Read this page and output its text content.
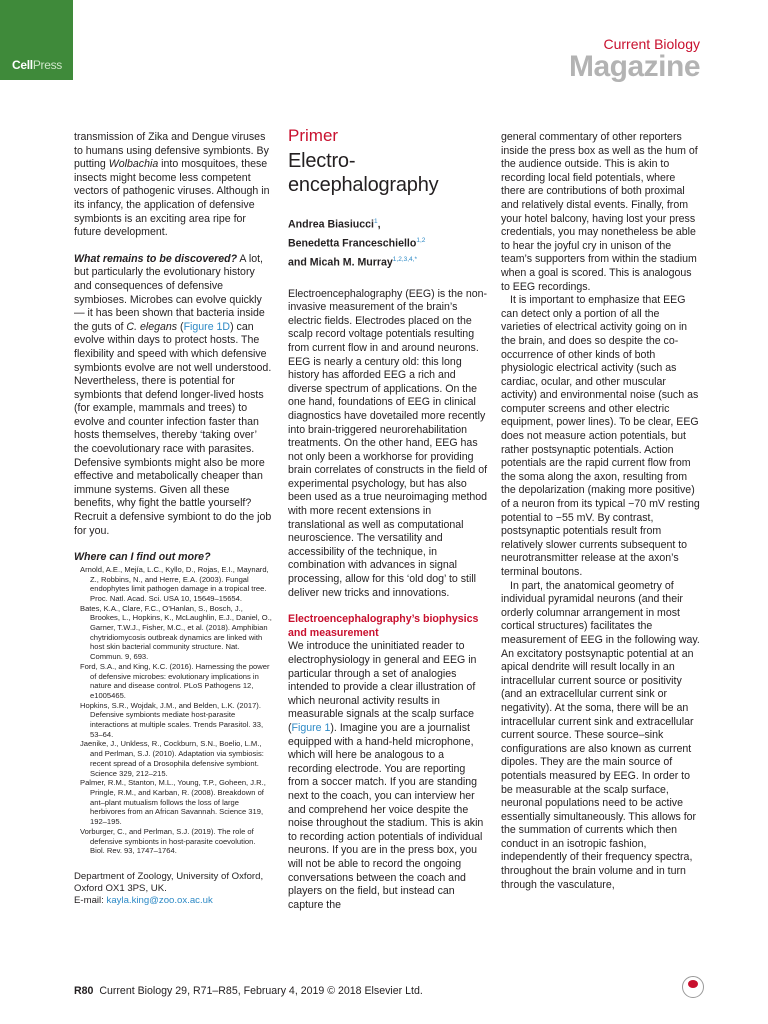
CellPress
Current Biology
Magazine

transmission of Zika and Dengue viruses to humans using defensive symbionts. By putting Wolbachia into mosquitoes, these insects might become less competent vectors of pathogenic viruses. Although in its infancy, the application of defensive symbionts is an exciting area ripe for future development.

What remains to be discovered? A lot, but particularly the evolutionary history and consequences of defensive symbioses. Microbes can evolve quickly — it has been shown that bacteria inside the guts of C. elegans (Figure 1D) can evolve within days to protect hosts. The flexibility and speed with which defensive symbionts evolve are not well understood. Nevertheless, there is potential for symbionts that defend longer-lived hosts (for example, mammals and trees) to evolve and counter infection faster than hosts themselves, thereby ‘taking over’ the coevolutionary race with parasites. Defensive symbionts might also be more effective and metabolically cheaper than immune systems. Given all these benefits, why fight the battle yourself? Recruit a defensive symbiont to do the job for you.

Where can I find out more?
Arnold, A.E., Mejía, L.C., Kyllo, D., Rojas, E.I., Maynard, Z., Robbins, N., and Herre, E.A. (2003). Fungal endophytes limit pathogen damage in a tropical tree. Proc. Natl. Acad. Sci. USA 10, 15649–15654.
Bates, K.A., Clare, F.C., O’Hanlan, S., Bosch, J., Brookes, L., Hopkins, K., McLaughlin, E.J., Daniel, O., Garner, T.W.J., Fisher, M.C., et al. (2018). Amphibian chytridiomycosis outbreak dynamics are linked with host skin bacterial community structure. Nat. Commun. 9, 693.
Ford, S.A., and King, K.C. (2016). Harnessing the power of defensive microbes: evolutionary implications in nature and disease control. PLoS Pathogens 12, e1005465.
Hopkins, S.R., Wojdak, J.M., and Belden, L.K. (2017). Defensive symbionts mediate host-parasite interactions at multiple scales. Trends Parasitol. 33, 53–64.
Jaenike, J., Unkless, R., Cockburn, S.N., Boelio, L.M., and Perlman, S.J. (2010). Adaptation via symbiosis: recent spread of a Drosophila defensive symbiont. Science 329, 212–215.
Palmer, R.M., Stanton, M.L., Young, T.P., Goheen, J.R., Pringle, R.M., and Karban, R. (2008). Breakdown of ant–plant mutualism follows the loss of large herbivores from an African Savannah. Science 319, 192–195.
Vorburger, C., and Perlman, S.J. (2019). The role of defensive symbionts in host-parasite coevolution. Biol. Rev. 93, 1747–1764.
Department of Zoology, University of Oxford, Oxford OX1 3PS, UK.
E-mail: kayla.king@zoo.ox.ac.uk
Primer
Electro-encephalography
Andrea Biasiucci$^1$,
Benedetta Franceschiello$^{1,2}$
and Micah M. Murray$^{1,2,3,4,*}$

Electroencephalography (EEG) is the non-invasive measurement of the brain’s electric fields. Electrodes placed on the scalp record voltage potentials resulting from current flow in and around neurons. EEG is nearly a century old: this long history has afforded EEG a rich and diverse spectrum of applications. On the one hand, foundations of EEG in clinical diagnostics have dovetailed more recently into brain-triggered neurorehabilitation treatments. On the other hand, EEG has not only been a workhorse for providing brain correlates of constructs in the field of experimental psychology, but has also been used as a true neuroimaging method with more recent extensions in translational as well as computational neuroscience. The versatility and accessibility of the technique, in combination with advances in signal processing, allow for this ‘old dog’ to still deliver new tricks and innovations.

Electroencephalography’s biophysics and measurement

We introduce the uninitiated reader to electrophysiology in general and EEG in particular through a set of analogies intended to provide a clear illustration of which neuronal activity results in measurable signals at the scalp surface (Figure 1). Imagine you are a journalist equipped with a hand-held microphone, which will here be analogous to a recording electrode. You are reporting from a soccer match. If you are standing next to the coach, you can interview her and comprehend her voice despite the noise throughout the stadium. This is akin to recording action potentials of individual neurons. If you are in the press box, you will not be able to record the ongoing conversations between the coach and players on the field, but instead can capture the

general commentary of other reporters inside the press box as well as the hum of the audience outside. This is akin to recording local field potentials, where there are contributions of both proximal and relatively distal events. Finally, from your hotel balcony, having lost your press credentials, you may nonetheless be able to hear the joyful cry in unison of the team’s supporters from within the stadium when a goal is scored. This is analogous to EEG recordings.

It is important to emphasize that EEG can detect only a portion of all the varieties of electrical activity going on in the brain, and does so despite the co-occurrence of other kinds of both physiologic electrical activity (such as cardiac, ocular, and other muscular activity) and environmental noise (such as computer screens and other electric equipment, power lines). To be clear, EEG does not measure action potentials, but rather postsynaptic potentials. Action potentials are the rapid current flow from the soma along the axon, resulting from the depolarization (making more positive) of a neuron from its typical −70 mV resting potential to −55 mV. By contrast, postsynaptic potentials result from relatively slower currents subsequent to neurotransmitter release at the axon’s terminal boutons.

In part, the anatomical geometry of individual pyramidal neurons (and their orderly columnar arrangement in most cortical structures) facilitates the measurement of EEG in the following way. An excitatory postsynaptic potential at an apical dendrite will result locally in an intracellular current source or positivity (and an extracellular current sink or negativity). At the soma, there will be an intracellular current sink and extracellular current source. These source–sink configurations are also known as current dipoles. They are the main source of potentials measured by EEG. In order to be measurable at the scalp surface, neuronal populations need to be active essentially simultaneously. This allows for the summation of currents which then conduct in an isotropic fashion, independently of their frequency spectra, throughout the brain volume and in turn through the vasculature,

R80 Current Biology 29, R71–R85, February 4, 2019 © 2018 Elsevier Ltd.
